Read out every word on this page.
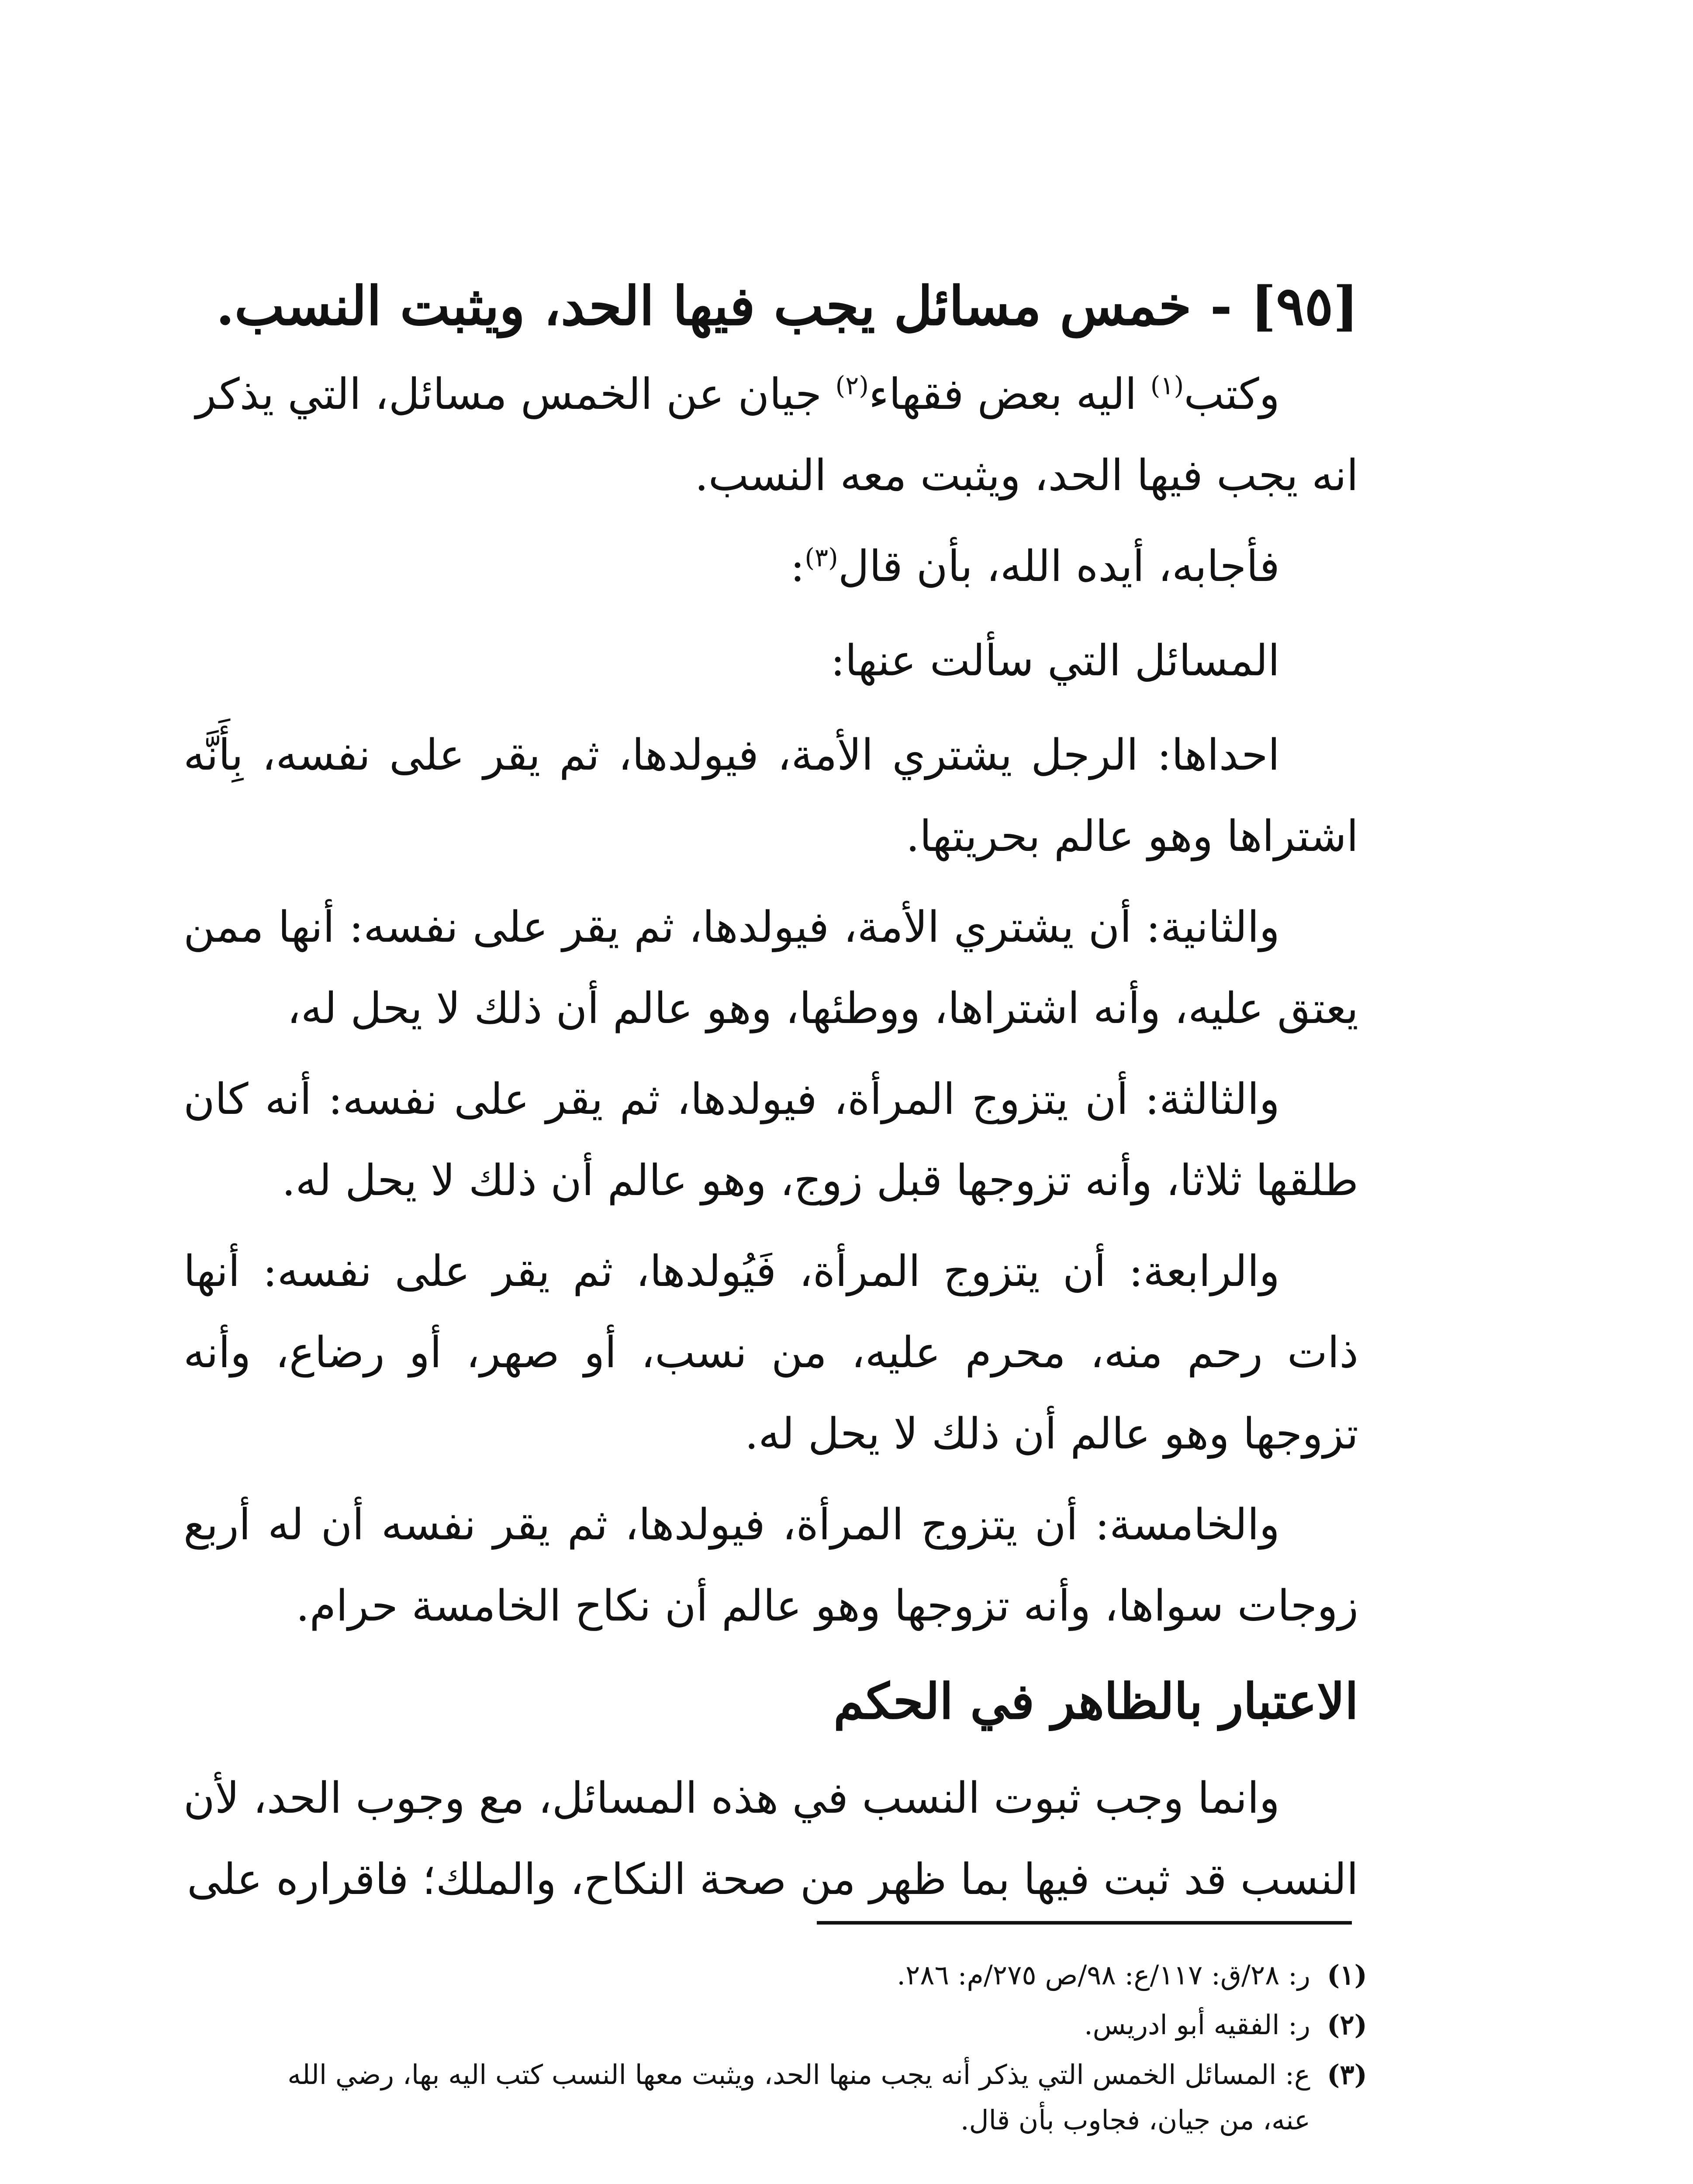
[٩٥] - خمس مسائل يجب فيها الحد، ويثبت النسب.

وكتب$^{(١)}$ اليه بعض فقهاء$^{(٢)}$ جيان عن الخمس مسائل، التي يذكر انه يجب فيها الحد، ويثبت معه النسب.

فأجابه، أيده الله، بأن قال$^{(٣)}$:

المسائل التي سألت عنها:

احداها: الرجل يشتري الأمة، فيولدها، ثم يقر على نفسه، بِأَنَّه اشتراها وهو عالم بحريتها.

والثانية: أن يشتري الأمة، فيولدها، ثم يقر على نفسه: أنها ممن يعتق عليه، وأنه اشتراها، ووطئها، وهو عالم أن ذلك لا يحل له،

والثالثة: أن يتزوج المرأة، فيولدها، ثم يقر على نفسه: أنه كان طلقها ثلاثا، وأنه تزوجها قبل زوج، وهو عالم أن ذلك لا يحل له.

والرابعة: أن يتزوج المرأة، فَيُولدها، ثم يقر على نفسه: أنها ذات رحم منه، محرم عليه، من نسب، أو صهر، أو رضاع، وأنه تزوجها وهو عالم أن ذلك لا يحل له.

والخامسة: أن يتزوج المرأة، فيولدها، ثم يقر نفسه أن له أربع زوجات سواها، وأنه تزوجها وهو عالم أن نكاح الخامسة حرام.

الاعتبار بالظاهر في الحكم

وانما وجب ثبوت النسب في هذه المسائل، مع وجوب الحد، لأن النسب قد ثبت فيها بما ظهر من صحة النكاح، والملك؛ فاقراره على

(١)
ر: ٢٨/ق: ١١٧/ع: ٩٨/ص ٢٧٥/م: ٢٨٦.
(٢)
ر: الفقيه أبو ادريس.
(٣)
ع: المسائل الخمس التي يذكر أنه يجب منها الحد، ويثبت معها النسب كتب اليه بها، رضي الله عنه، من جيان، فجاوب بأن قال.
